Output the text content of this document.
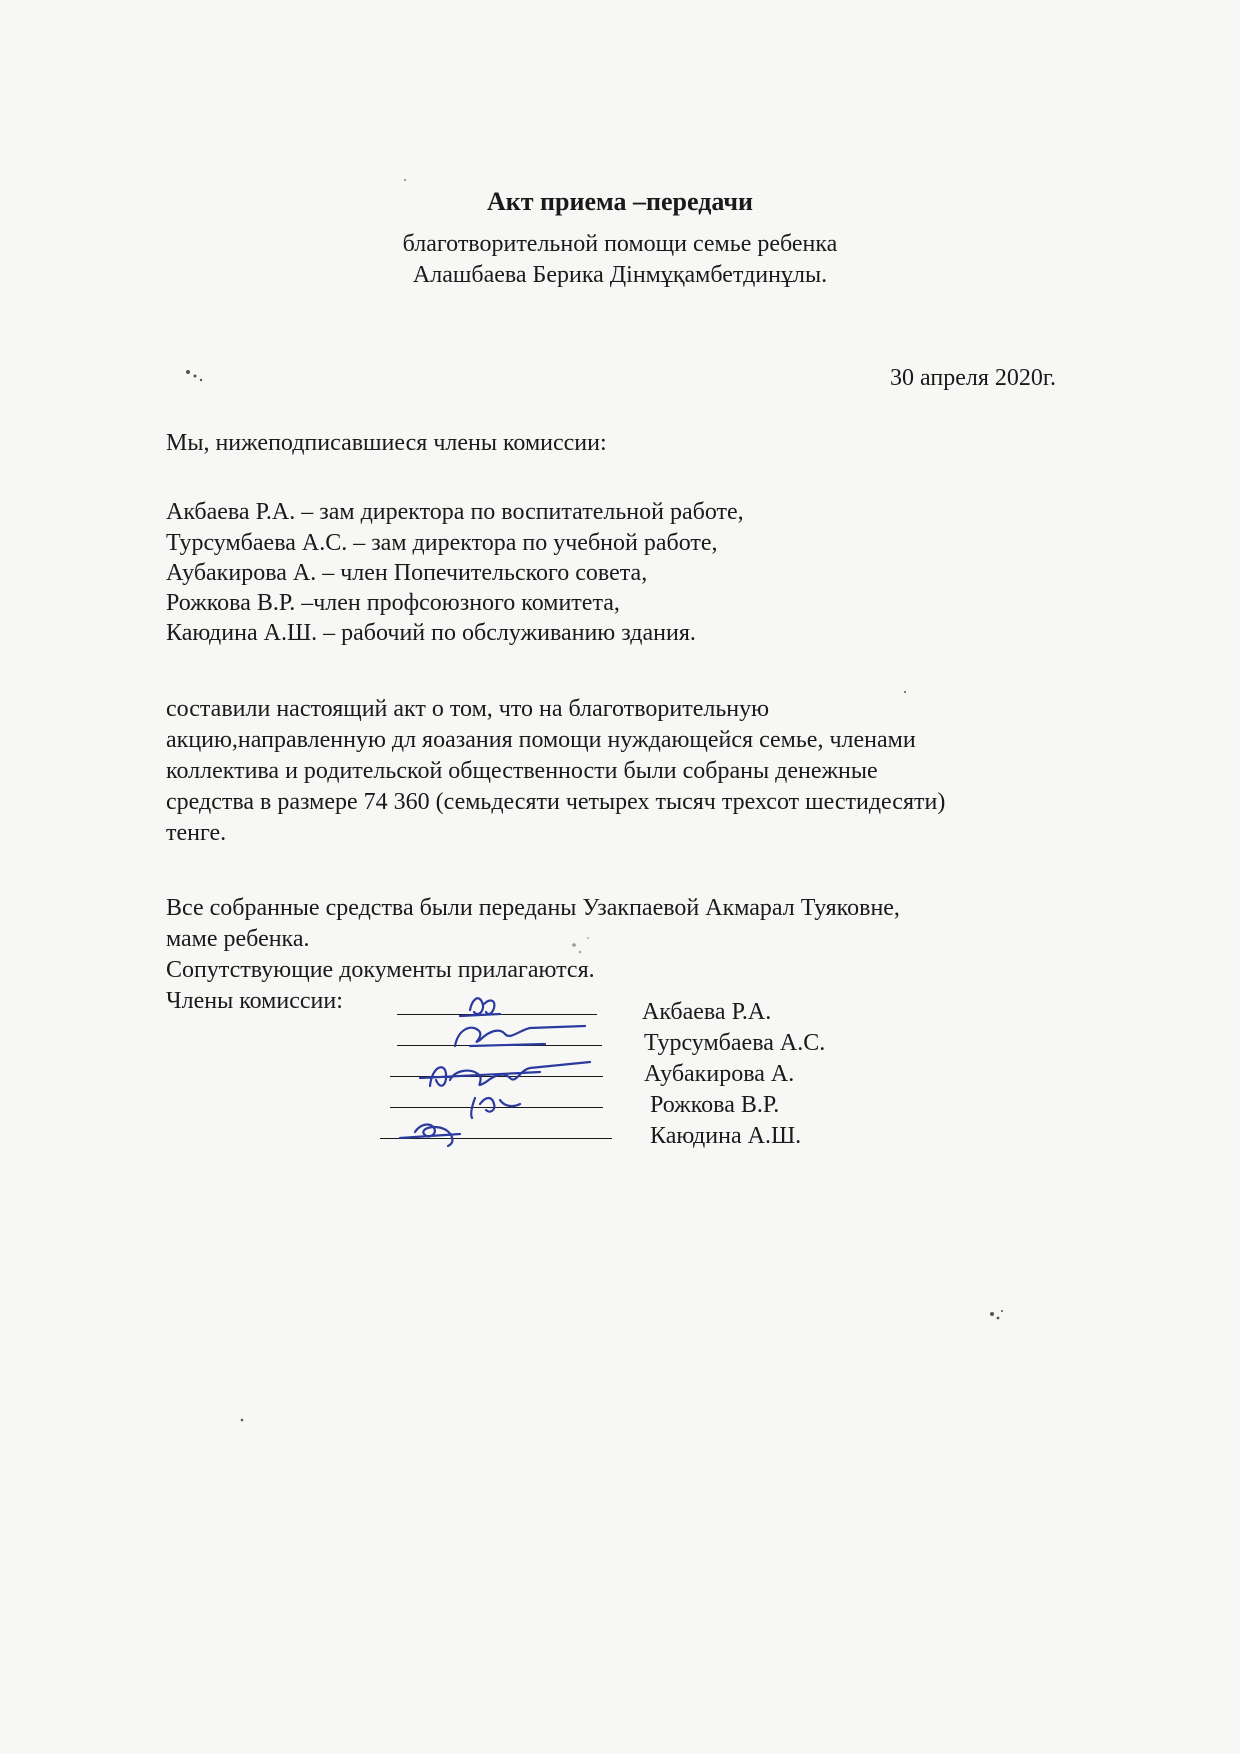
Акт приема –передачи
благотворительной помощи семье ребенка
Алашбаева Берика Дінмұқамбетдинұлы.
30 апреля 2020г.
Мы, нижеподписавшиеся члены комиссии:
Акбаева Р.А. – зам директора по воспитательной работе,
Турсумбаева А.С. – зам директора по учебной работе,
Аубакирова А. – член Попечительского совета,
Рожкова В.Р. –член профсоюзного комитета,
Каюдина А.Ш. – рабочий по обслуживанию здания.
составили настоящий акт о том, что на благотворительную
акцию,направленную дл яоазания помощи нуждающейся семье, членами
коллектива и родительской общественности были собраны денежные
средства в размере 74 360 (семьдесяти четырех тысяч трехсот шестидесяти)
тенге.
Все собранные средства были переданы Узакпаевой Акмарал Туяковне,
маме ребенка.
Сопутствующие документы прилагаются.
Члены комиссии:	Акбаева Р.А.
Турсумбаева А.С.
Аубакирова А.
Рожкова В.Р.
Каюдина А.Ш.
